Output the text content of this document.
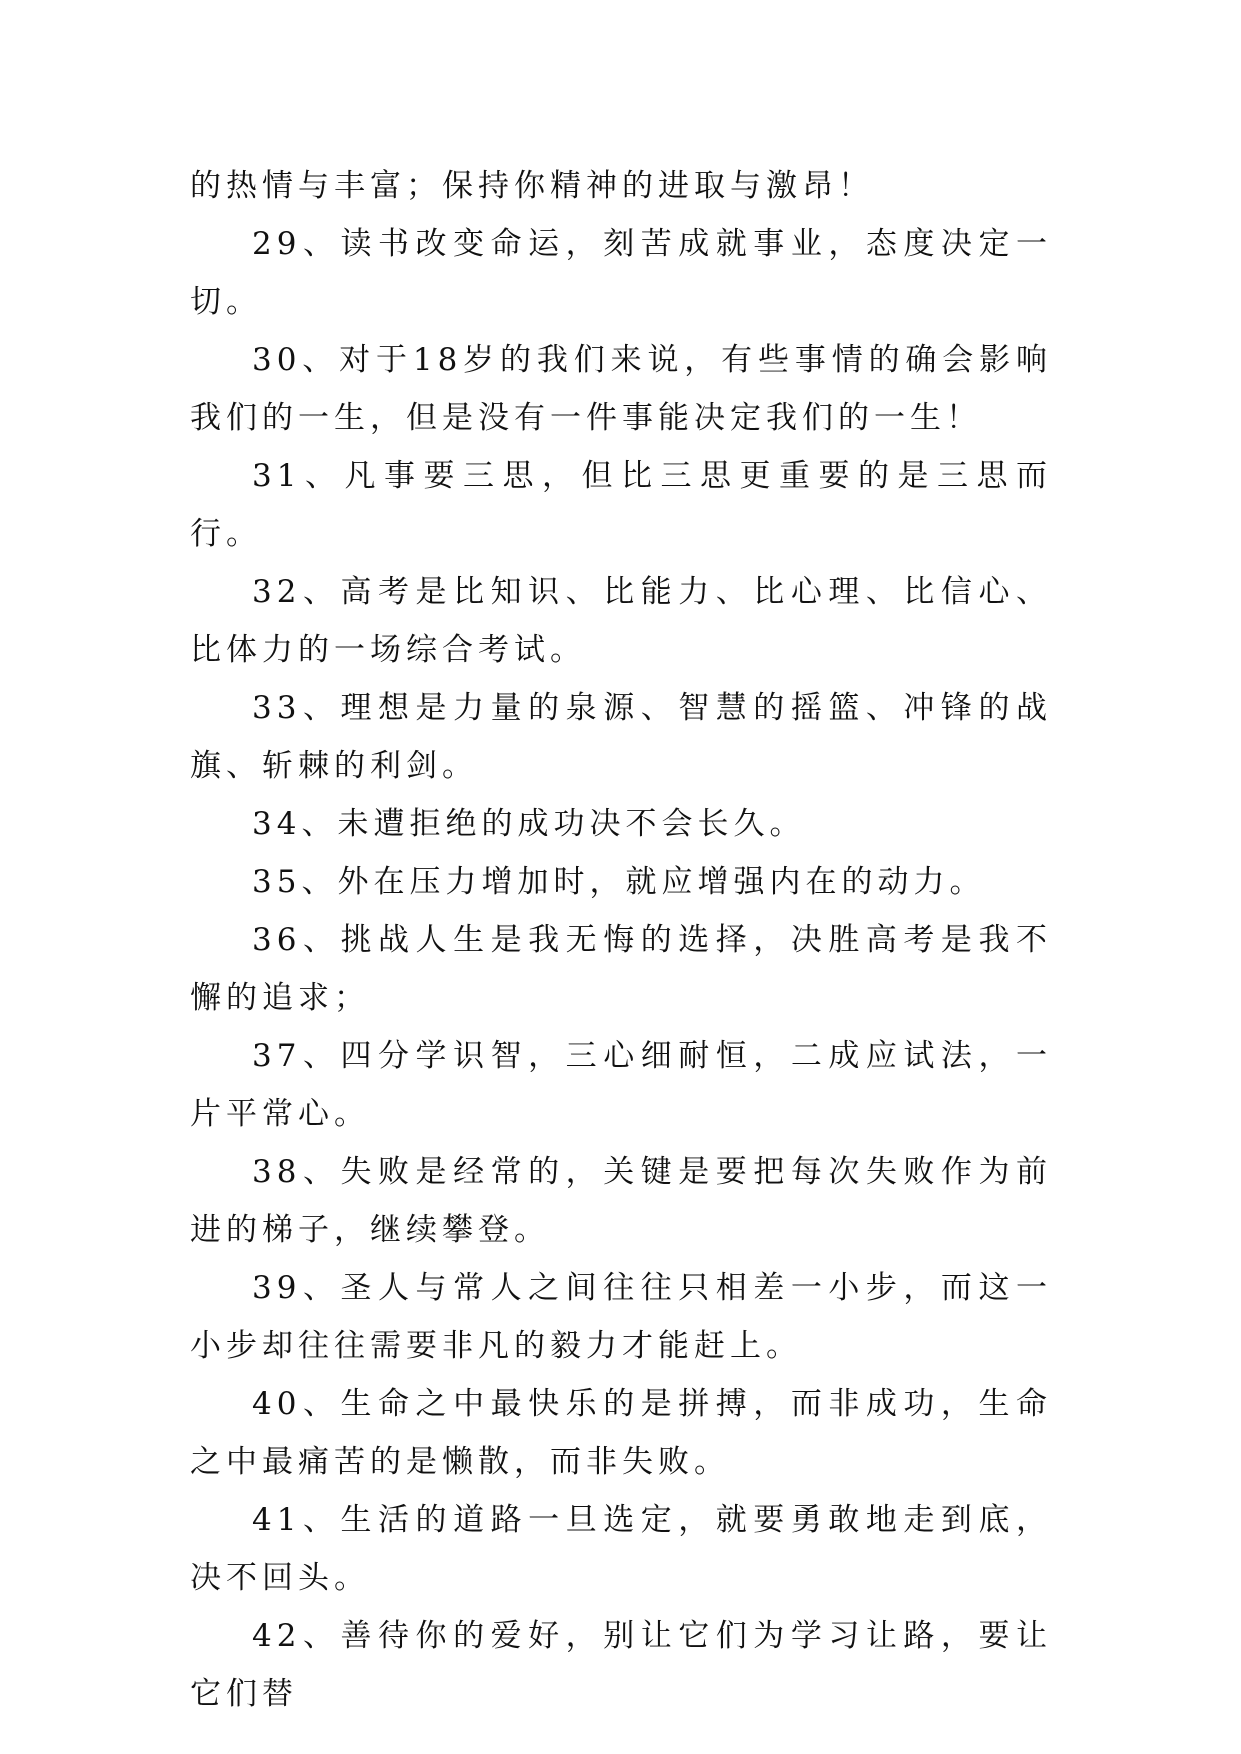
的热情与丰富；保持你精神的进取与激昂！

29、读书改变命运，刻苦成就事业，态度决定一切。

30、对于18岁的我们来说，有些事情的确会影响我们的一生，但是没有一件事能决定我们的一生！

31、凡事要三思，但比三思更重要的是三思而行。

32、高考是比知识、比能力、比心理、比信心、比体力的一场综合考试。

33、理想是力量的泉源、智慧的摇篮、冲锋的战旗、斩棘的利剑。

34、未遭拒绝的成功决不会长久。

35、外在压力增加时，就应增强内在的动力。

36、挑战人生是我无悔的选择，决胜高考是我不懈的追求；

37、四分学识智，三心细耐恒，二成应试法，一片平常心。

38、失败是经常的，关键是要把每次失败作为前进的梯子，继续攀登。

39、圣人与常人之间往往只相差一小步，而这一小步却往往需要非凡的毅力才能赶上。

40、生命之中最快乐的是拼搏，而非成功，生命之中最痛苦的是懒散，而非失败。

41、生活的道路一旦选定，就要勇敢地走到底，决不回头。

42、善待你的爱好，别让它们为学习让路，要让它们替
